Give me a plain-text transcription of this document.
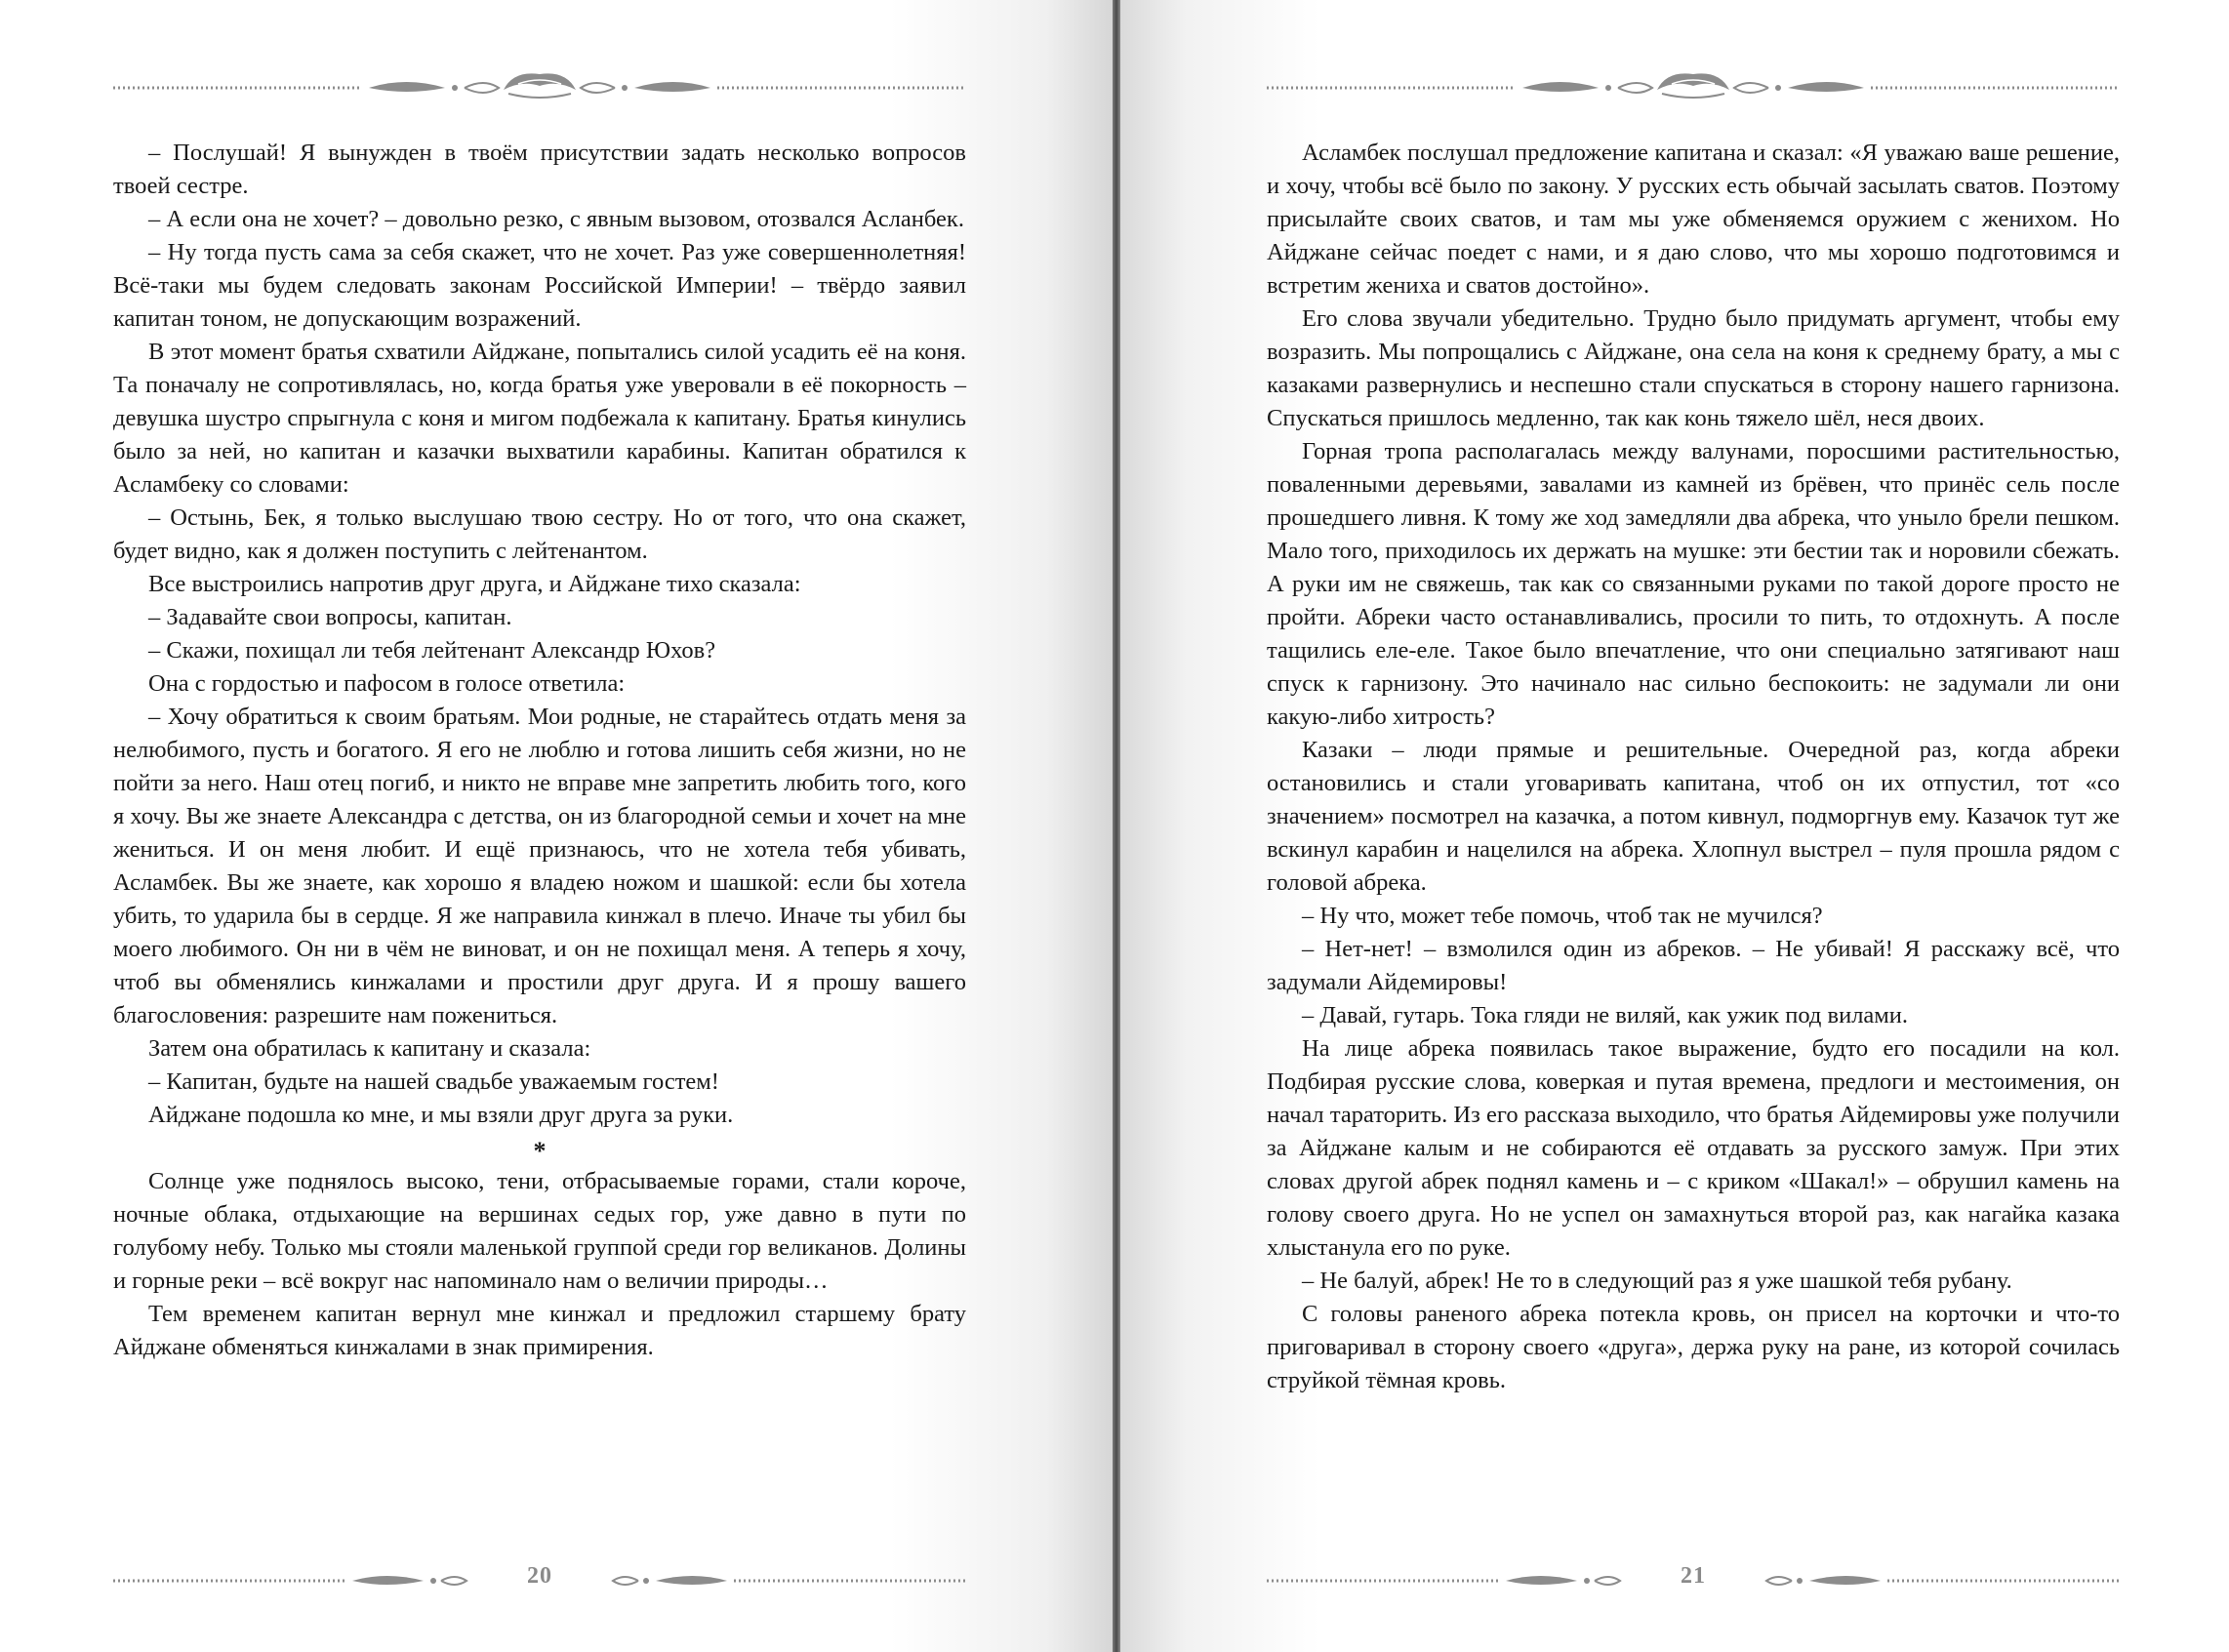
– Послушай! Я вынужден в твоём присутствии задать несколько вопросов твоей сестре.

– А если она не хочет? – довольно резко, с явным вызовом, отозвался Асланбек.

– Ну тогда пусть сама за себя скажет, что не хочет. Раз уже совершеннолетняя! Всё-таки мы будем следовать законам Российской Империи! – твёрдо заявил капитан тоном, не допускающим возражений.

В этот момент братья схватили Айджане, попытались силой усадить её на коня. Та поначалу не сопротивлялась, но, когда братья уже уверовали в её покорность – девушка шустро спрыгнула с коня и мигом подбежала к капитану. Братья кинулись было за ней, но капитан и казачки выхватили карабины. Капитан обратился к Асламбеку со словами:

– Остынь, Бек, я только выслушаю твою сестру. Но от того, что она скажет, будет видно, как я должен поступить с лейтенантом.

Все выстроились напротив друг друга, и Айджане тихо сказала:

– Задавайте свои вопросы, капитан.

– Скажи, похищал ли тебя лейтенант Александр Юхов?

Она с гордостью и пафосом в голосе ответила:

– Хочу обратиться к своим братьям. Мои родные, не старайтесь отдать меня за нелюбимого, пусть и богатого. Я его не люблю и готова лишить себя жизни, но не пойти за него. Наш отец погиб, и никто не вправе мне запретить любить того, кого я хочу. Вы же знаете Александра с детства, он из благородной семьи и хочет на мне жениться. И он меня любит. И ещё признаюсь, что не хотела тебя убивать, Асламбек. Вы же знаете, как хорошо я владею ножом и шашкой: если бы хотела убить, то ударила бы в сердце. Я же направила кинжал в плечо. Иначе ты убил бы моего любимого. Он ни в чём не виноват, и он не похищал меня. А теперь я хочу, чтоб вы обменялись кинжалами и простили друг друга. И я прошу вашего благословения: разрешите нам пожениться.

Затем она обратилась к капитану и сказала:

– Капитан, будьте на нашей свадьбе уважаемым гостем!

Айджане подошла ко мне, и мы взяли друг друга за руки.

*

Солнце уже поднялось высоко, тени, отбрасываемые горами, стали короче, ночные облака, отдыхающие на вершинах седых гор, уже давно в пути по голубому небу. Только мы стояли маленькой группой среди гор великанов. Долины и горные реки – всё вокруг нас напоминало нам о величии природы…

Тем временем капитан вернул мне кинжал и предложил старшему брату Айджане обменяться кинжалами в знак примирения.

20

Асламбек послушал предложение капитана и сказал: «Я уважаю ваше решение, и хочу, чтобы всё было по закону. У русских есть обычай засылать сватов. Поэтому присылайте своих сватов, и там мы уже обменяемся оружием с женихом. Но Айджане сейчас поедет с нами, и я даю слово, что мы хорошо подготовимся и встретим жениха и сватов достойно».

Его слова звучали убедительно. Трудно было придумать аргумент, чтобы ему возразить. Мы попрощались с Айджане, она села на коня к среднему брату, а мы с казаками развернулись и неспешно стали спускаться в сторону нашего гарнизона. Спускаться пришлось медленно, так как конь тяжело шёл, неся двоих.

Горная тропа располагалась между валунами, поросшими растительностью, поваленными деревьями, завалами из камней из брёвен, что принёс сель после прошедшего ливня. К тому же ход замедляли два абрека, что уныло брели пешком. Мало того, приходилось их держать на мушке: эти бестии так и норовили сбежать. А руки им не свяжешь, так как со связанными руками по такой дороге просто не пройти. Абреки часто останавливались, просили то пить, то отдохнуть. А после тащились еле-еле. Такое было впечатление, что они специально затягивают наш спуск к гарнизону. Это начинало нас сильно беспокоить: не задумали ли они какую-либо хитрость?

Казаки – люди прямые и решительные. Очередной раз, когда абреки остановились и стали уговаривать капитана, чтоб он их отпустил, тот «со значением» посмотрел на казачка, а потом кивнул, подморгнув ему. Казачок тут же вскинул карабин и нацелился на абрека. Хлопнул выстрел – пуля прошла рядом с головой абрека.

– Ну что, может тебе помочь, чтоб так не мучился?

– Нет-нет! – взмолился один из абреков. – Не убивай! Я расскажу всё, что задумали Айдемировы!

– Давай, гутарь. Тока гляди не виляй, как ужик под вилами.

На лице абрека появилась такое выражение, будто его посадили на кол. Подбирая русские слова, коверкая и путая времена, предлоги и местоимения, он начал тараторить. Из его рассказа выходило, что братья Айдемировы уже получили за Айджане калым и не собираются её отдавать за русского замуж. При этих словах другой абрек поднял камень и – с криком «Шакал!» – обрушил камень на голову своего друга. Но не успел он замахнуться второй раз, как нагайка казака хлыстанула его по руке.

– Не балуй, абрек! Не то в следующий раз я уже шашкой тебя рубану.

С головы раненого абрека потекла кровь, он присел на корточки и что-то приговаривал в сторону своего «друга», держа руку на ране, из которой сочилась струйкой тёмная кровь.

21
